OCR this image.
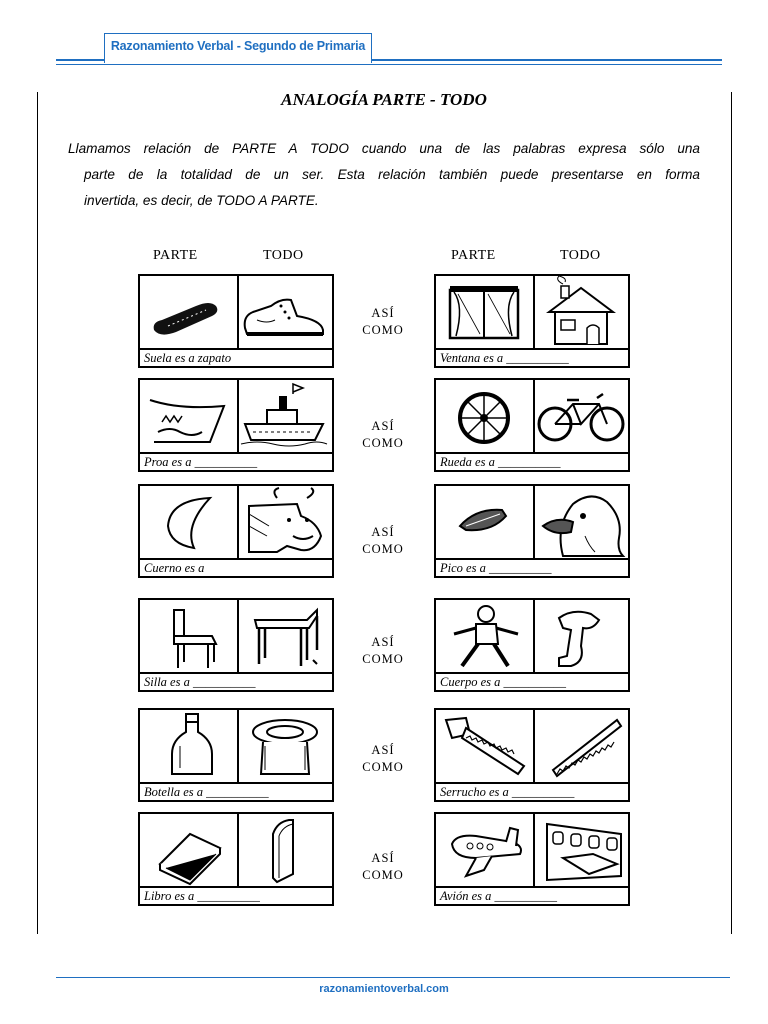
Razonamiento Verbal - Segundo de Primaria
ANALOGÍA PARTE - TODO
Llamamos relación de PARTE A TODO cuando una de las palabras expresa sólo una
parte de la totalidad de un ser. Esta relación también puede presentarse en forma
invertida, es decir, de TODO A PARTE.
PARTE	TODO	PARTE	TODO
Suela es a zapato
Proa es a __________
Cuerno es a
Silla es a __________
Botella es a __________
Libro es a __________
Ventana es a __________
Rueda es a __________
Pico es a __________
Cuerpo es a __________
Serrucho es a __________
Avión es a __________
ASÍ
COMO
ASÍ
COMO
ASÍ
COMO
ASÍ
COMO
ASÍ
COMO
ASÍ
COMO
razonamientoverbal.com
